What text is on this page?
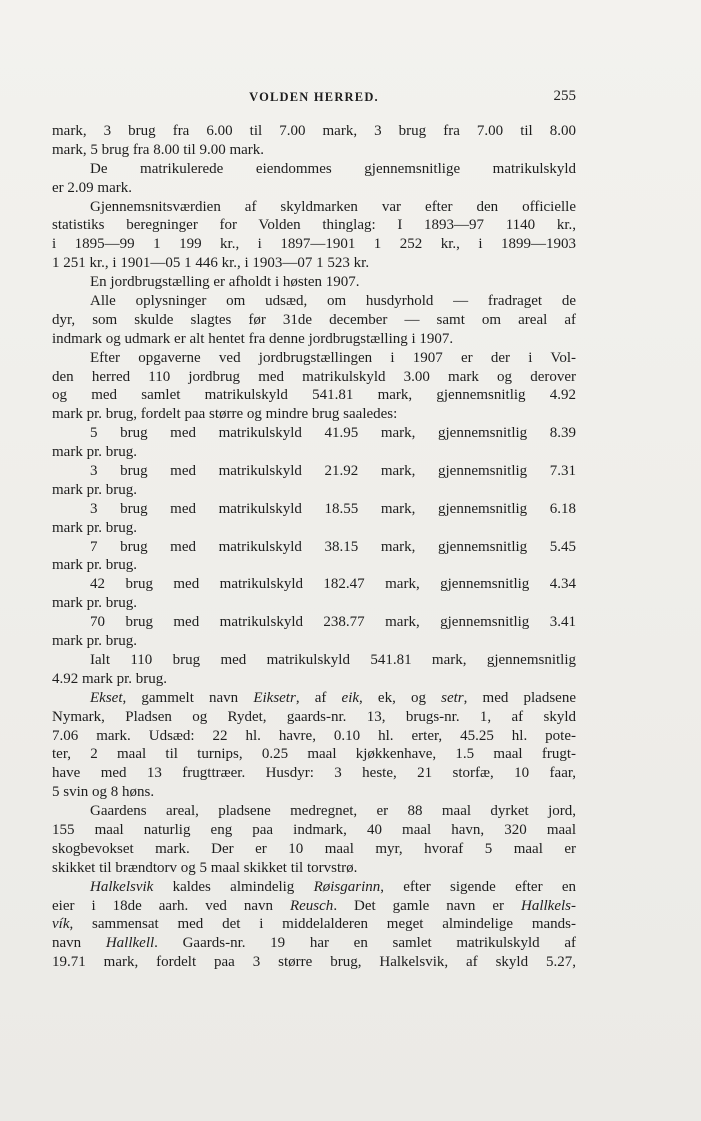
VOLDEN HERRED.	255
mark, 3 brug fra 6.00 til 7.00 mark, 3 brug fra 7.00 til 8.00
mark, 5 brug fra 8.00 til 9.00 mark.
De matrikulerede eiendommes gjennemsnitlige matrikulskyld
er 2.09 mark.
Gjennemsnitsværdien af skyldmarken var efter den officielle
statistiks beregninger for Volden thinglag: I 1893—97 1140 kr.,
i 1895—99 1 199 kr., i 1897—1901 1 252 kr., i 1899—1903
1 251 kr., i 1901—05 1 446 kr., i 1903—07 1 523 kr.
En jordbrugstælling er afholdt i høsten 1907.
Alle oplysninger om udsæd, om husdyrhold — fradraget de
dyr, som skulde slagtes før 31de december — samt om areal af
indmark og udmark er alt hentet fra denne jordbrugstælling i 1907.
Efter opgaverne ved jordbrugstællingen i 1907 er der i Vol-
den herred 110 jordbrug med matrikulskyld 3.00 mark og derover
og med samlet matrikulskyld 541.81 mark, gjennemsnitlig 4.92
mark pr. brug, fordelt paa større og mindre brug saaledes:
5 brug med matrikulskyld 41.95 mark, gjennemsnitlig 8.39
mark pr. brug.
3 brug med matrikulskyld 21.92 mark, gjennemsnitlig 7.31
mark pr. brug.
3 brug med matrikulskyld 18.55 mark, gjennemsnitlig 6.18
mark pr. brug.
7 brug med matrikulskyld 38.15 mark, gjennemsnitlig 5.45
mark pr. brug.
42 brug med matrikulskyld 182.47 mark, gjennemsnitlig 4.34
mark pr. brug.
70 brug med matrikulskyld 238.77 mark, gjennemsnitlig 3.41
mark pr. brug.
Ialt 110 brug med matrikulskyld 541.81 mark, gjennemsnitlig
4.92 mark pr. brug.
Ekset, gammelt navn Eiksetr, af eik, ek, og setr, med pladsene
Nymark, Pladsen og Rydet, gaards-nr. 13, brugs-nr. 1, af skyld
7.06 mark. Udsæd: 22 hl. havre, 0.10 hl. erter, 45.25 hl. pote-
ter, 2 maal til turnips, 0.25 maal kjøkkenhave, 1.5 maal frugt-
have med 13 frugttræer. Husdyr: 3 heste, 21 storfæ, 10 faar,
5 svin og 8 høns.
Gaardens areal, pladsene medregnet, er 88 maal dyrket jord,
155 maal naturlig eng paa indmark, 40 maal havn, 320 maal
skogbevokset mark. Der er 10 maal myr, hvoraf 5 maal er
skikket til brændtorv og 5 maal skikket til torvstrø.
Halkelsvik kaldes almindelig Røisgarinn, efter sigende efter en
eier i 18de aarh. ved navn Reusch. Det gamle navn er Hallkels-
vík, sammensat med det i middelalderen meget almindelige mands-
navn Hallkell. Gaards-nr. 19 har en samlet matrikulskyld af
19.71 mark, fordelt paa 3 større brug, Halkelsvik, af skyld 5.27,
